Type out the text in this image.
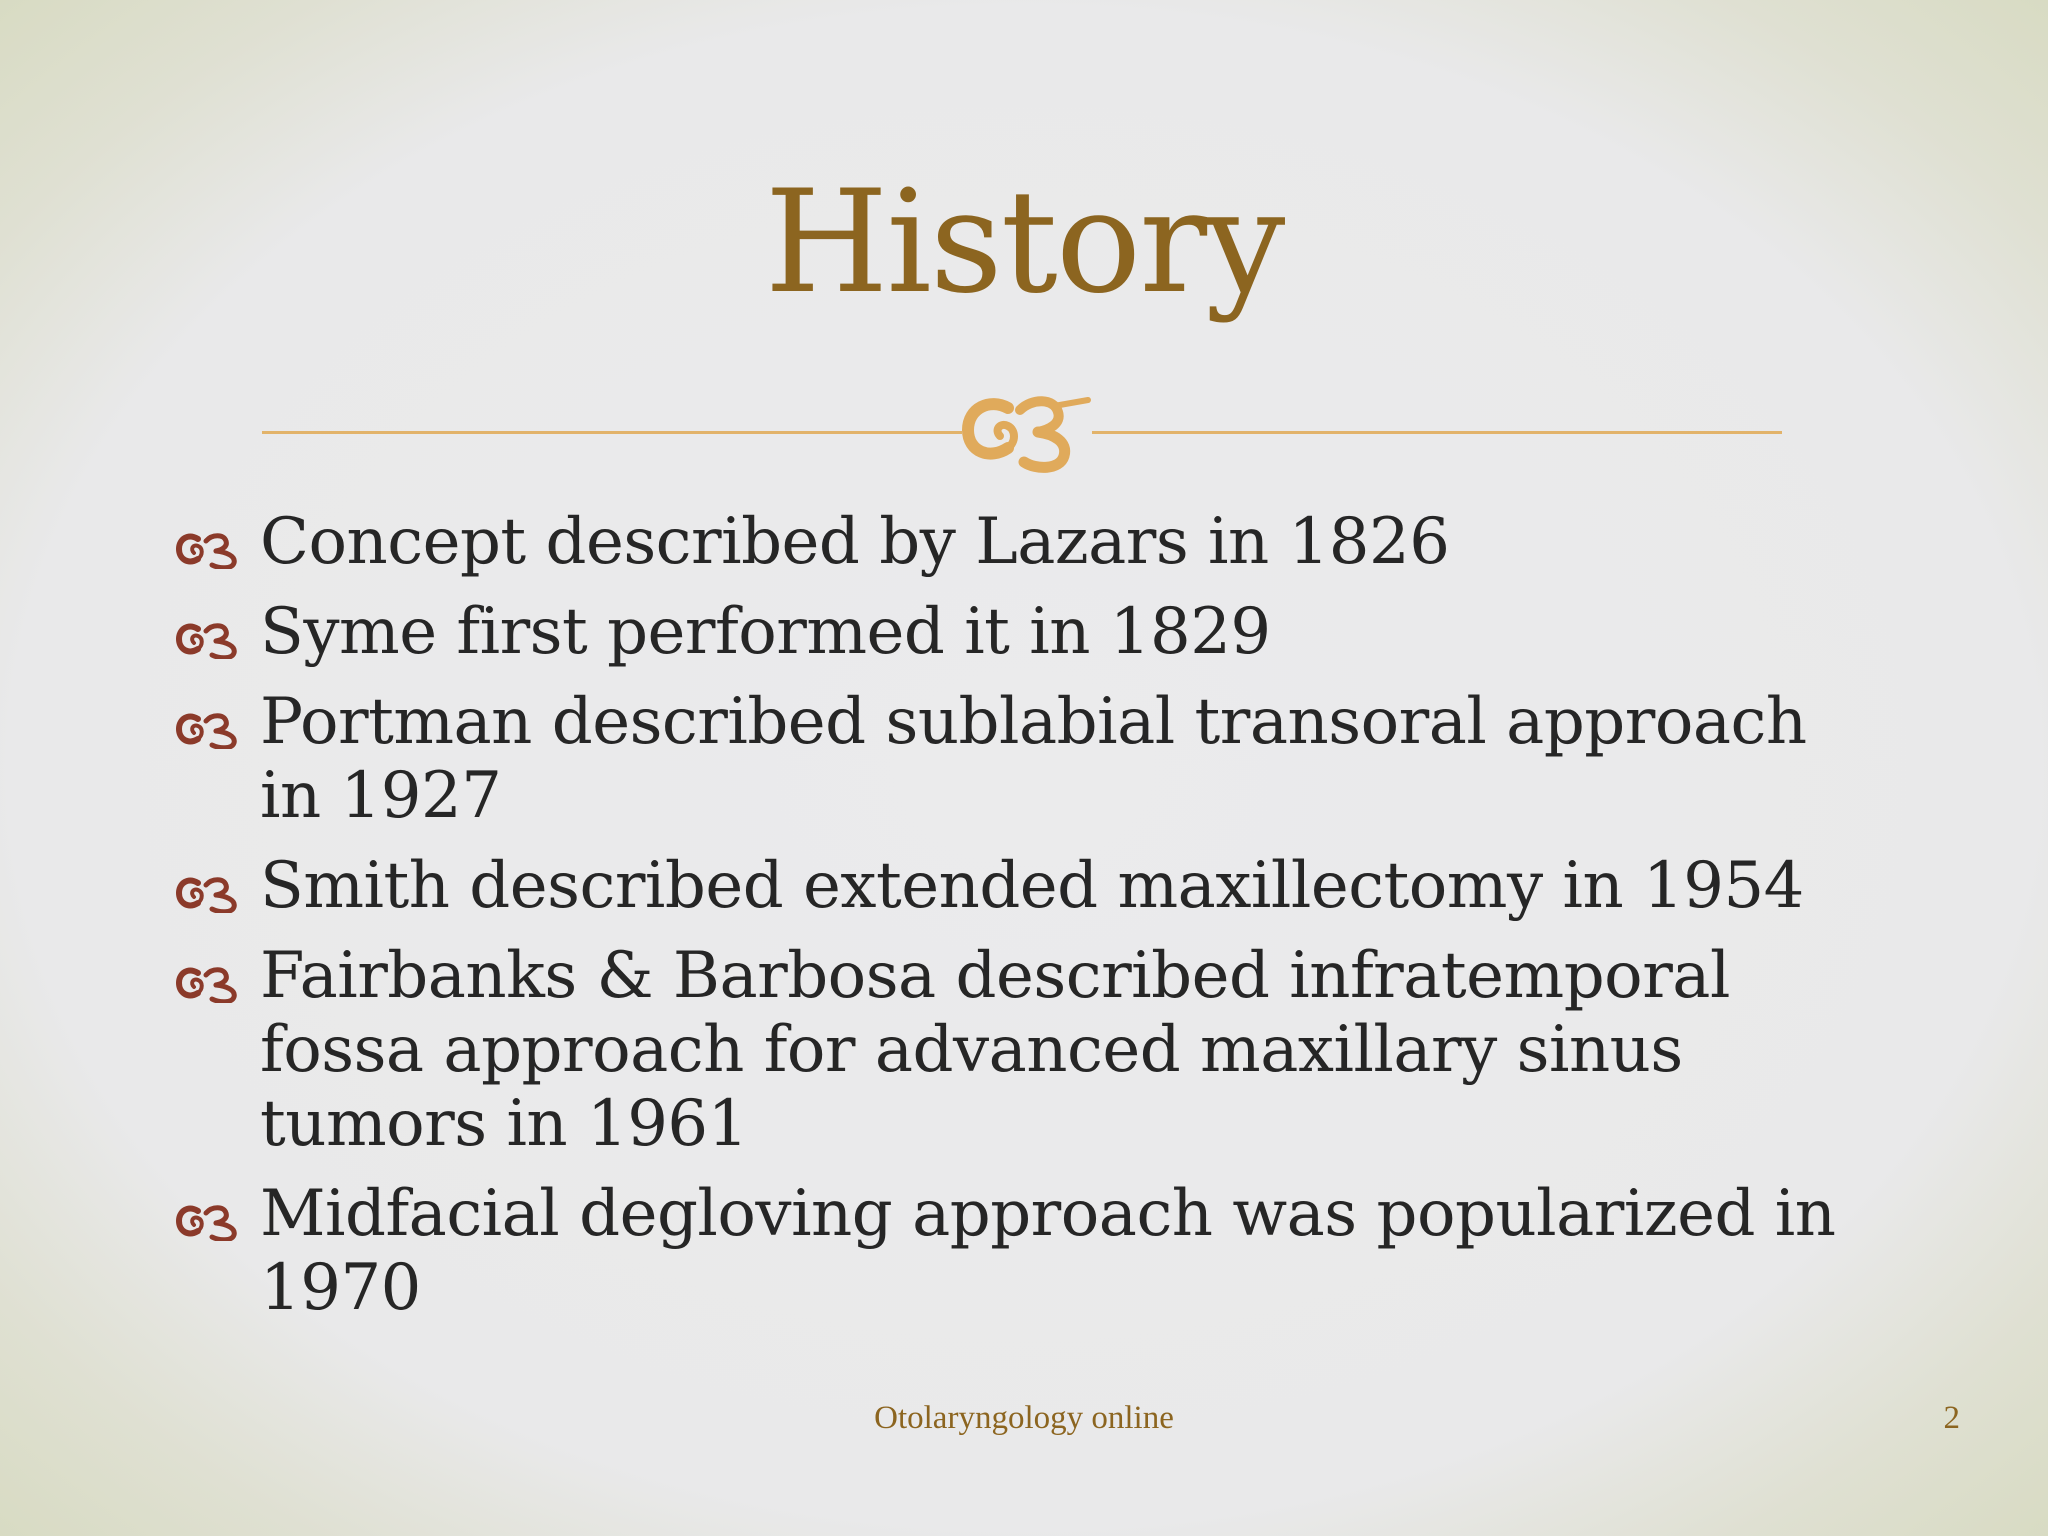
History
Concept described by Lazars in 1826
Syme first performed it in 1829
Portman described sublabial transoral approach in 1927
Smith described extended maxillectomy in 1954
Fairbanks & Barbosa described infratemporal fossa approach for advanced maxillary sinus tumors in 1961
Midfacial degloving approach was popularized in 1970
Otolaryngology online	2
